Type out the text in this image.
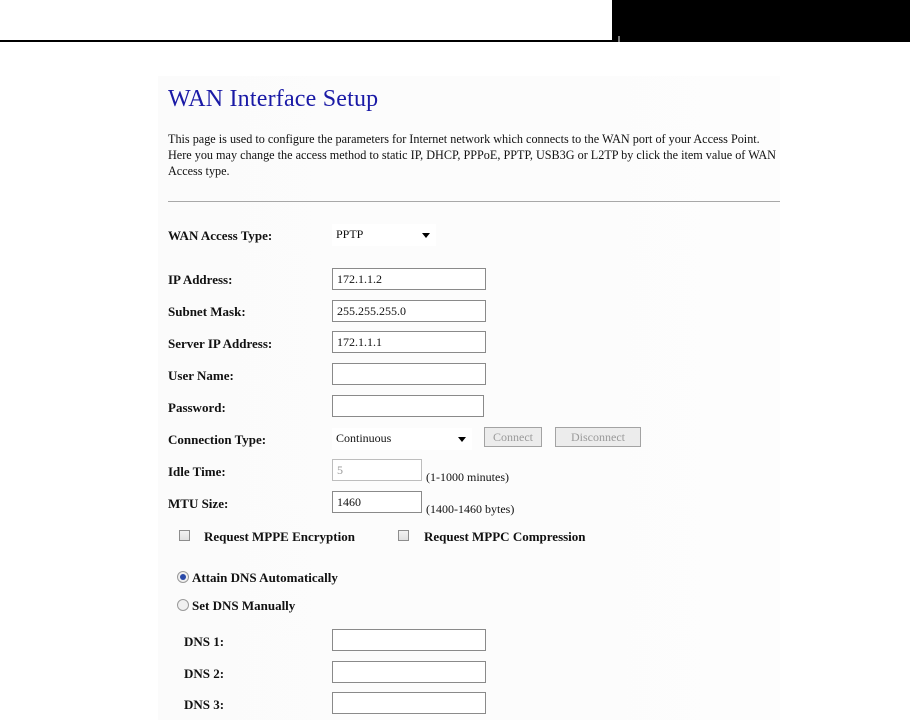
WAN Interface Setup

This page is used to configure the parameters for Internet network which connects to the WAN port of your Access Point. Here you may change the access method to static IP, DHCP, PPPoE, PPTP, USB3G or L2TP by click the item value of WAN Access type.

WAN Access Type:	PPTP
IP Address:
172.1.1.2
Subnet Mask:
255.255.255.0
Server IP Address:
172.1.1.1
User Name:
Password:
Connection Type:	Continuous	Connect	Disconnect
Idle Time:
5	(1-1000 minutes)
MTU Size:
1460	(1400-1460 bytes)
Request MPPE Encryption	Request MPPC Compression
Attain DNS Automatically
Set DNS Manually
DNS 1:
DNS 2:
DNS 3:
